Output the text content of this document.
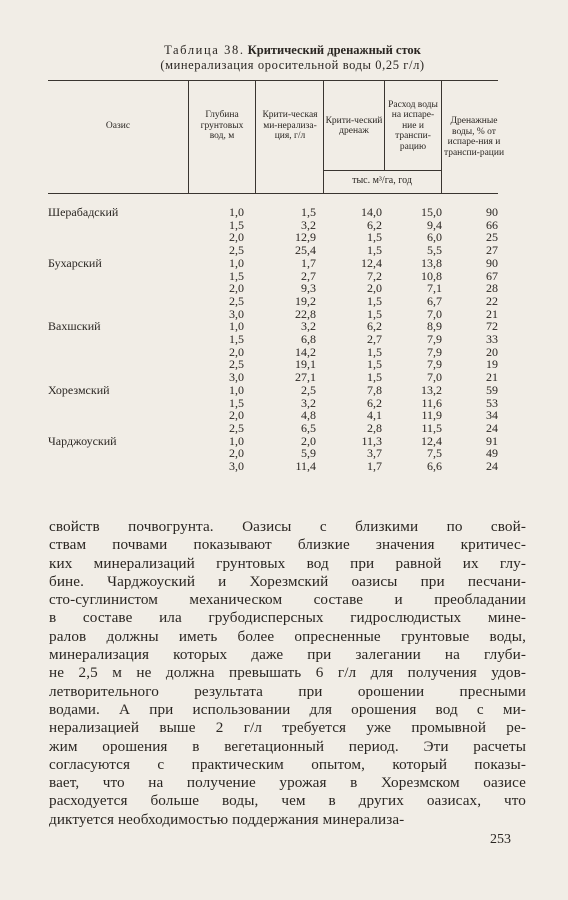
Таблица 38. Критический дренажный сток
(минерализация оросительной воды 0,25 г/л)
Оазис
Глубина грунтовых вод, м
Крити-ческая ми-нерализа-ция, г/л
Крити-ческий дренаж
Расход воды на испаре-ние и транспи-рацию
Дренажные воды, % от испаре-ния и транспи-рации
тыс. м³/га, год
Шерабадский	1,0	1,5	14,0	15,0	90
	1,5	3,2	6,2	9,4	66
	2,0	12,9	1,5	6,0	25
	2,5	25,4	1,5	5,5	27
Бухарский	1,0	1,7	12,4	13,8	90
	1,5	2,7	7,2	10,8	67
	2,0	9,3	2,0	7,1	28
	2,5	19,2	1,5	6,7	22
	3,0	22,8	1,5	7,0	21
Вахшский	1,0	3,2	6,2	8,9	72
	1,5	6,8	2,7	7,9	33
	2,0	14,2	1,5	7,9	20
	2,5	19,1	1,5	7,9	19
	3,0	27,1	1,5	7,0	21
Хорезмский	1,0	2,5	7,8	13,2	59
	1,5	3,2	6,2	11,6	53
	2,0	4,8	4,1	11,9	34
	2,5	6,5	2,8	11,5	24
Чарджоуский	1,0	2,0	11,3	12,4	91
	2,0	5,9	3,7	7,5	49
	3,0	11,4	1,7	6,6	24
свойств почвогрунта. Оазисы с близкими по свой-
ствам почвами показывают близкие значения критичес-
ких минерализаций грунтовых вод при равной их глу-
бине. Чарджоуский и Хорезмский оазисы при песчани-
сто-суглинистом механическом составе и преобладании
в составе ила грубодисперсных гидрослюдистых мине-
ралов должны иметь более опресненные грунтовые воды,
минерализация которых даже при залегании на глуби-
не 2,5 м не должна превышать 6 г/л для получения удов-
летворительного результата при орошении пресными
водами. А при использовании для орошения вод с ми-
нерализацией выше 2 г/л требуется уже промывной ре-
жим орошения в вегетационный период. Эти расчеты
согласуются с практическим опытом, который показы-
вает, что на получение урожая в Хорезмском оазисе
расходуется больше воды, чем в других оазисах, что
диктуется необходимостью поддержания минерализа-
253
